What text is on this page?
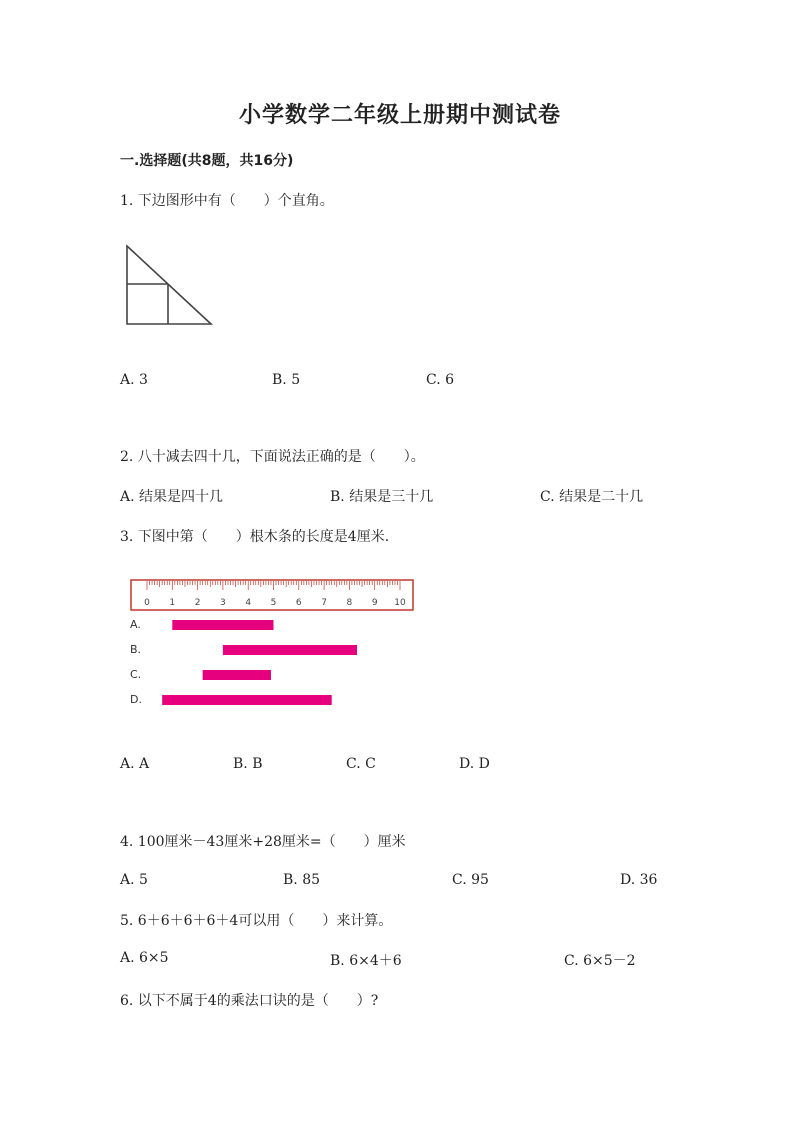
小学数学二年级上册期中测试卷
一.选择题(共8题，共16分)
1. 下边图形中有（　　）个直角。
A. 3	B. 5	C. 6
2. 八十减去四十几，下面说法正确的是（　　）。
A. 结果是四十几	B. 结果是三十几	C. 结果是二十几
3. 下图中第（　　）根木条的长度是4厘米.
0 1 2 3 4 5 6 7 8 9 10
A.
B.
C.
D.
A. A	B. B	C. C	D. D
4. 100厘米－43厘米+28厘米=（　　）厘米
A. 5	B. 85	C. 95	D. 36
5. 6＋6＋6＋6＋4可以用（　　）来计算。
A. 6×5	B. 6×4＋6	C. 6×5－2
6. 以下不属于4的乘法口诀的是（　　）?
